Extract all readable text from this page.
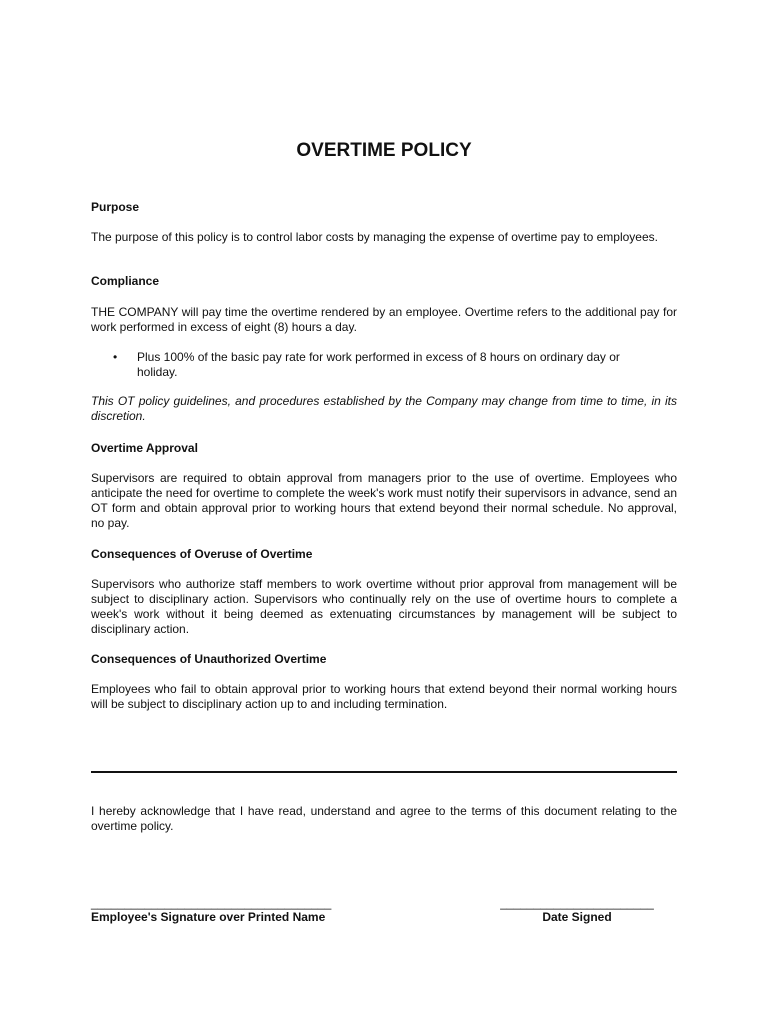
OVERTIME POLICY
Purpose

The purpose of this policy is to control labor costs by managing the expense of overtime pay to employees.

Compliance

THE COMPANY will pay time the overtime rendered by an employee. Overtime refers to the additional pay for work performed in excess of eight (8) hours a day.

• Plus 100% of the basic pay rate for work performed in excess of 8 hours on ordinary day or holiday.

This OT policy guidelines, and procedures established by the Company may change from time to time, in its discretion.

Overtime Approval

Supervisors are required to obtain approval from managers prior to the use of overtime. Employees who anticipate the need for overtime to complete the week's work must notify their supervisors in advance, send an OT form and obtain approval prior to working hours that extend beyond their normal schedule. No approval, no pay.

Consequences of Overuse of Overtime

Supervisors who authorize staff members to work overtime without prior approval from management will be subject to disciplinary action. Supervisors who continually rely on the use of overtime hours to complete a week's work without it being deemed as extenuating circumstances by management will be subject to disciplinary action.

Consequences of Unauthorized Overtime

Employees who fail to obtain approval prior to working hours that extend beyond their normal working hours will be subject to disciplinary action up to and including termination.

I hereby acknowledge that I have read, understand and agree to the terms of this document relating to the overtime policy.

____________________________________
Employee's Signature over Printed Name
_______________________
Date Signed
